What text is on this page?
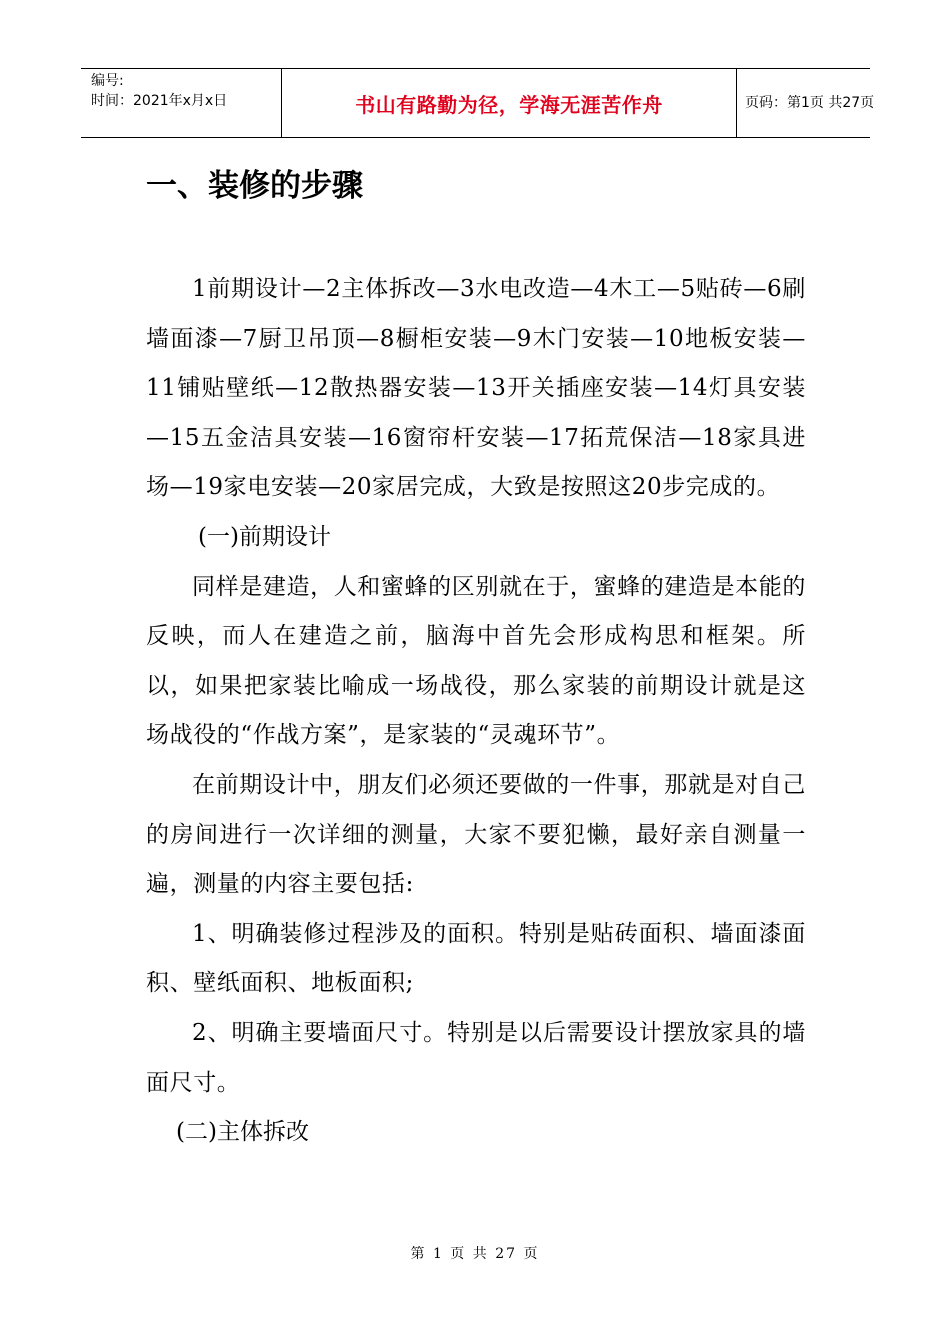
编号:
时间：2021年x月x日	书山有路勤为径，学海无涯苦作舟	页码：第1页 共27页
一、装修的步骤

1前期设计—2主体拆改—3水电改造—4木工—5贴砖—6刷墙面漆—7厨卫吊顶—8橱柜安装—9木门安装—10地板安装—11铺贴壁纸—12散热器安装—13开关插座安装—14灯具安装—15五金洁具安装—16窗帘杆安装—17拓荒保洁—18家具进场—19家电安装—20家居完成，大致是按照这20步完成的。

(一)前期设计

同样是建造，人和蜜蜂的区别就在于，蜜蜂的建造是本能的反映，而人在建造之前，脑海中首先会形成构思和框架。所以，如果把家装比喻成一场战役，那么家装的前期设计就是这场战役的“作战方案”，是家装的“灵魂环节”。

在前期设计中，朋友们必须还要做的一件事，那就是对自己的房间进行一次详细的测量，大家不要犯懒，最好亲自测量一遍，测量的内容主要包括:

1、明确装修过程涉及的面积。特别是贴砖面积、墙面漆面积、壁纸面积、地板面积;

2、明确主要墙面尺寸。特别是以后需要设计摆放家具的墙面尺寸。

(二)主体拆改

第 1 页 共 27 页
